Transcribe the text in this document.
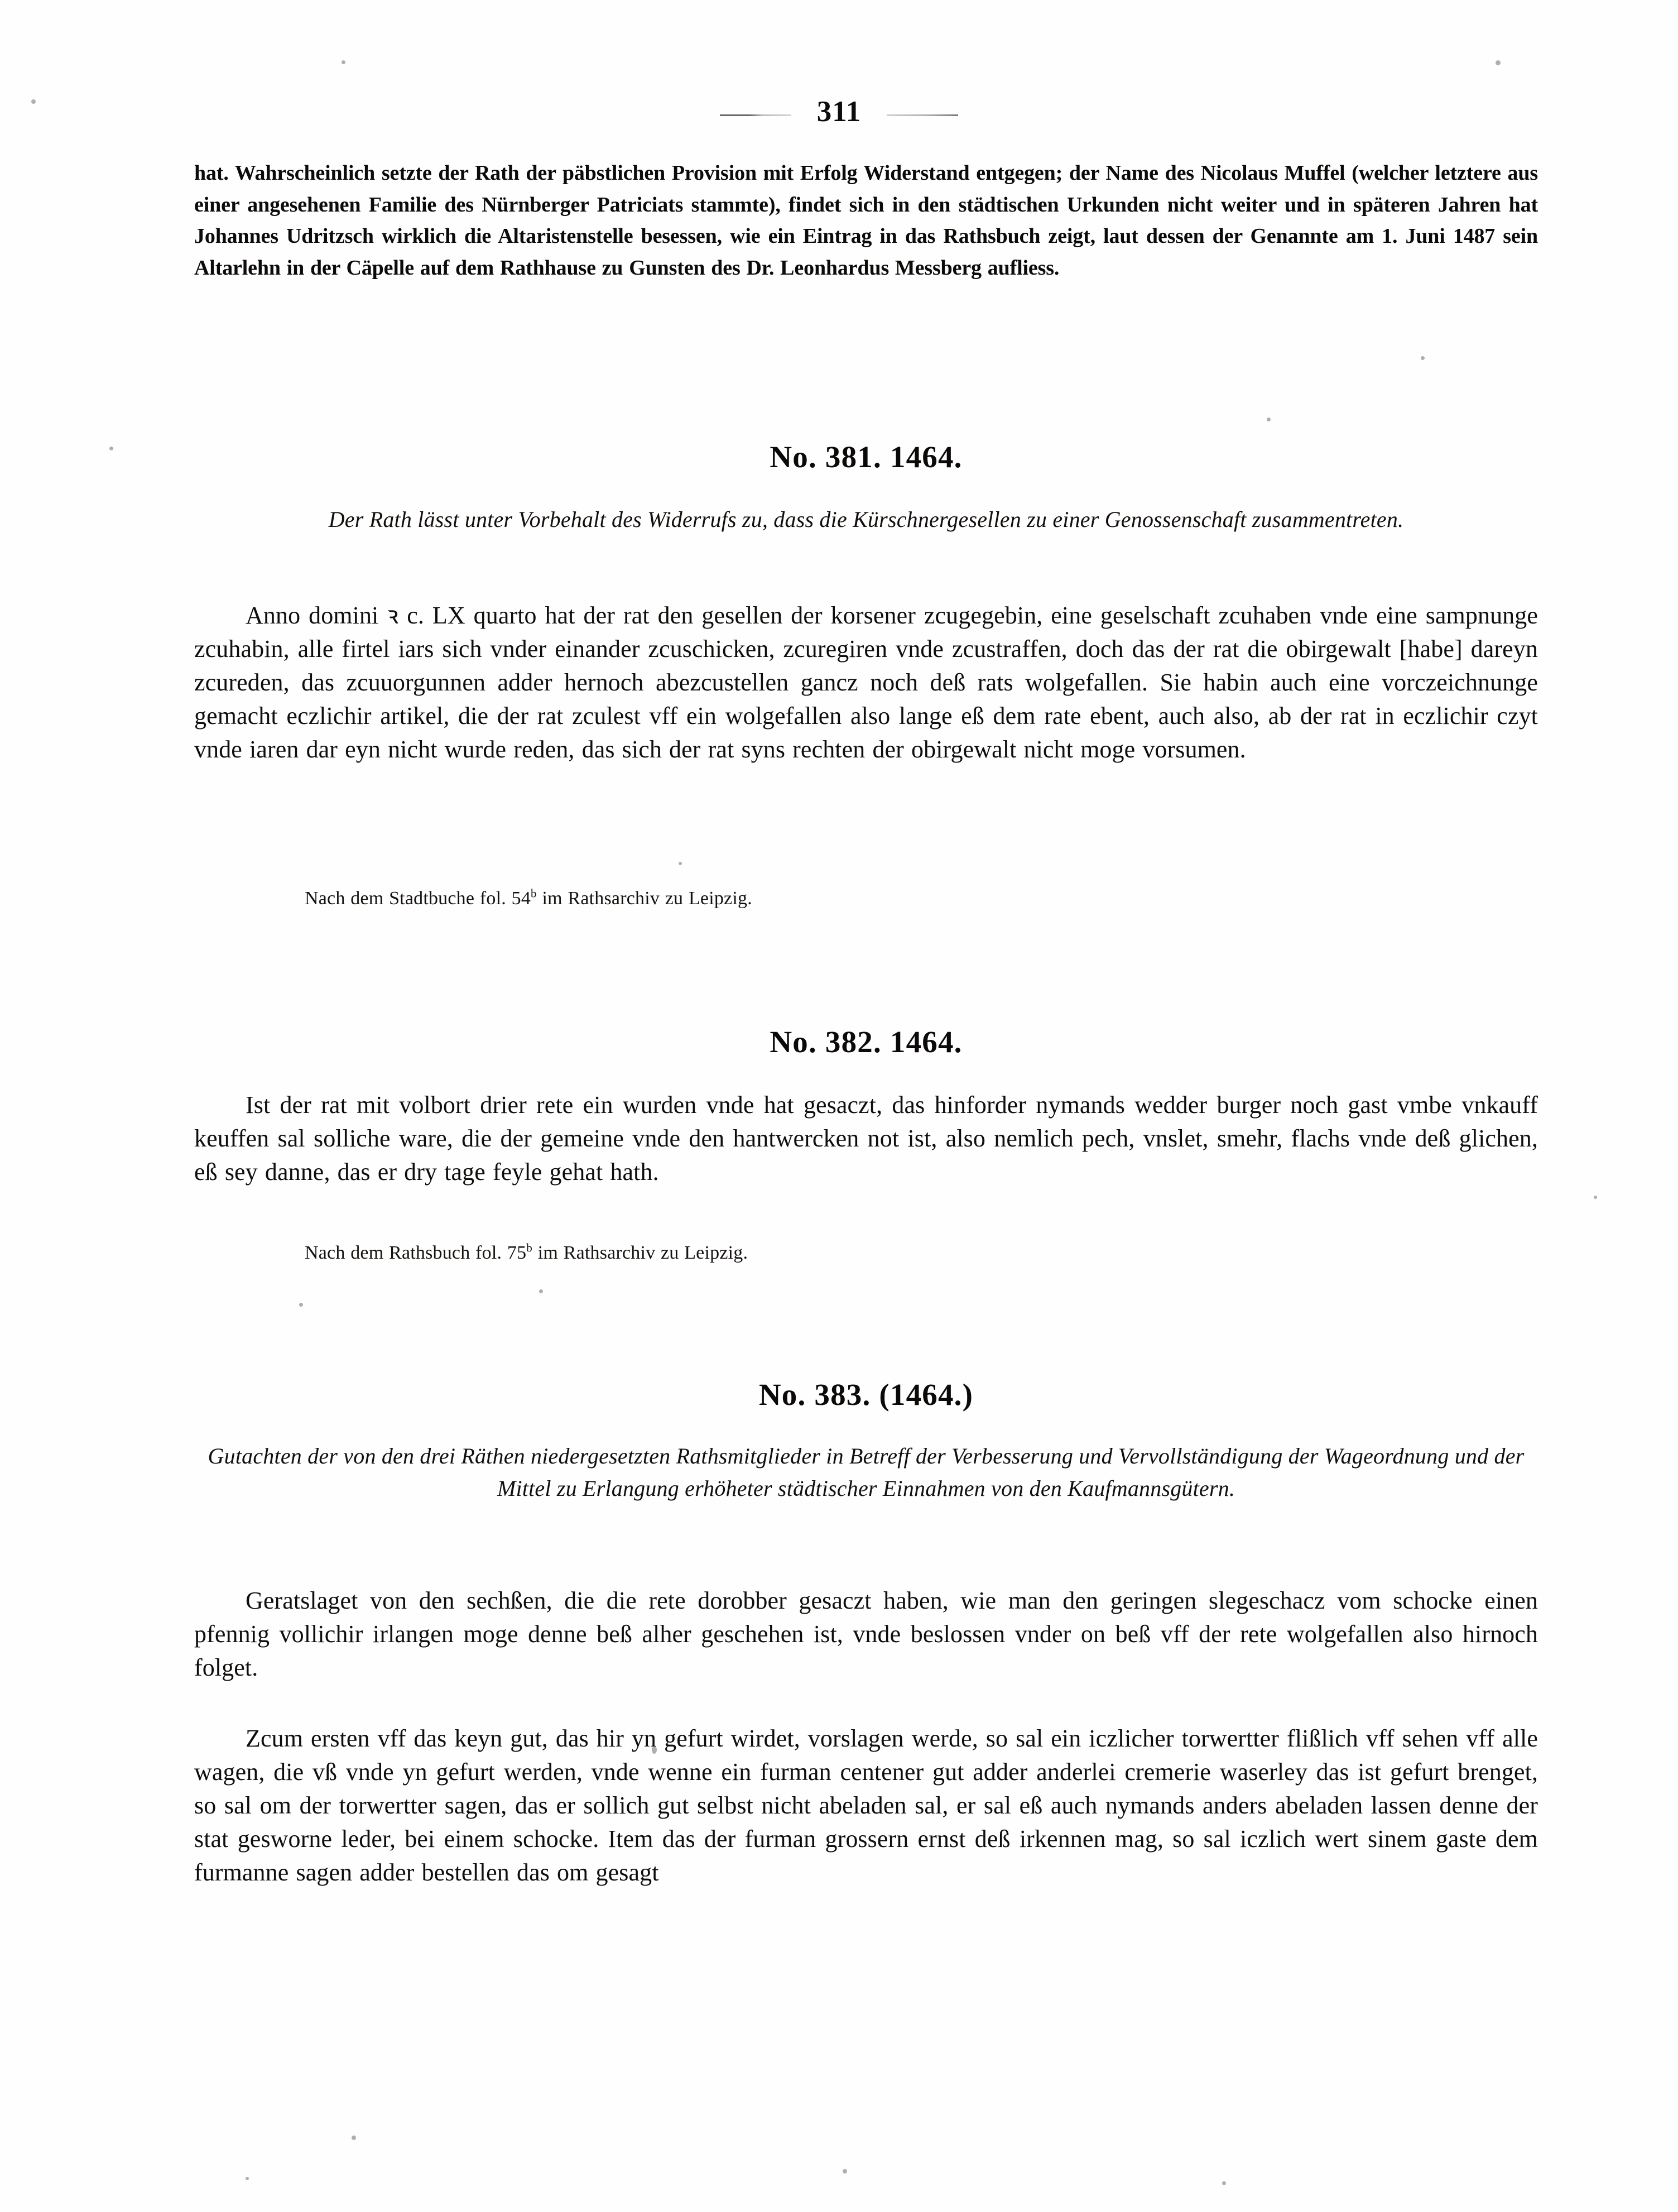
311

hat. Wahrscheinlich setzte der Rath der päbstlichen Provision mit Erfolg Widerstand entgegen; der Name des Nicolaus Muffel (welcher letztere aus einer angesehenen Familie des Nürnberger Patriciats stammte), findet sich in den städtischen Urkunden nicht weiter und in späteren Jahren hat Johannes Udritzsch wirklich die Altaristenstelle besessen, wie ein Eintrag in das Rathsbuch zeigt, laut dessen der Genannte am 1. Juni 1487 sein Altarlehn in der Cäpelle auf dem Rathhause zu Gunsten des Dr. Leonhardus Messberg aufliess.

No. 381. 1464.

Der Rath lässt unter Vorbehalt des Widerrufs zu, dass die Kürschnergesellen zu einer Genossenschaft zusammentreten.

Anno domini ꝛ c. LX quarto hat der rat den gesellen der korsener zcugegebin, eine geselschaft zcuhaben vnde eine sampnunge zcuhabin, alle firtel iars sich vnder einander zcuschicken, zcuregiren vnde zcustraffen, doch das der rat die obirgewalt [habe] dareyn zcureden, das zcuuorgunnen adder hernoch abezcustellen gancz noch deß rats wolgefallen. Sie habin auch eine vorczeichnunge gemacht eczlichir artikel, die der rat zculest vff ein wolgefallen also lange eß dem rate ebent, auch also, ab der rat in eczlichir czyt vnde iaren dar eyn nicht wurde reden, das sich der rat syns rechten der obirgewalt nicht moge vorsumen.

Nach dem Stadtbuche fol. 54$^b$ im Rathsarchiv zu Leipzig.

No. 382. 1464.

Ist der rat mit volbort drier rete ein wurden vnde hat gesaczt, das hinforder nymands wedder burger noch gast vmbe vnkauff keuffen sal solliche ware, die der gemeine vnde den hantwercken not ist, also nemlich pech, vnslet, smehr, flachs vnde deß glichen, eß sey danne, das er dry tage feyle gehat hath.

Nach dem Rathsbuch fol. 75$^b$ im Rathsarchiv zu Leipzig.

No. 383. (1464.)

Gutachten der von den drei Räthen niedergesetzten Rathsmitglieder in Betreff der Verbesserung und Vervollständigung der Wageordnung und der Mittel zu Erlangung erhöheter städtischer Einnahmen von den Kaufmannsgütern.

Geratslaget von den sechßen, die die rete dorobber gesaczt haben, wie man den geringen slegeschacz vom schocke einen pfennig vollichir irlangen moge denne beß alher geschehen ist, vnde beslossen vnder on beß vff der rete wolgefallen also hirnoch folget.

Zcum ersten vff das keyn gut, das hir yn gefurt wirdet, vorslagen werde, so sal ein iczlicher torwertter flißlich vff sehen vff alle wagen, die vß vnde yn gefurt werden, vnde wenne ein furman centener gut adder anderlei cremerie waserley das ist gefurt brenget, so sal om der torwertter sagen, das er sollich gut selbst nicht abeladen sal, er sal eß auch nymands anders abeladen lassen denne der stat gesworne leder, bei einem schocke. Item das der furman grossern ernst deß irkennen mag, so sal iczlich wert sinem gaste dem furmanne sagen adder bestellen das om gesagt
